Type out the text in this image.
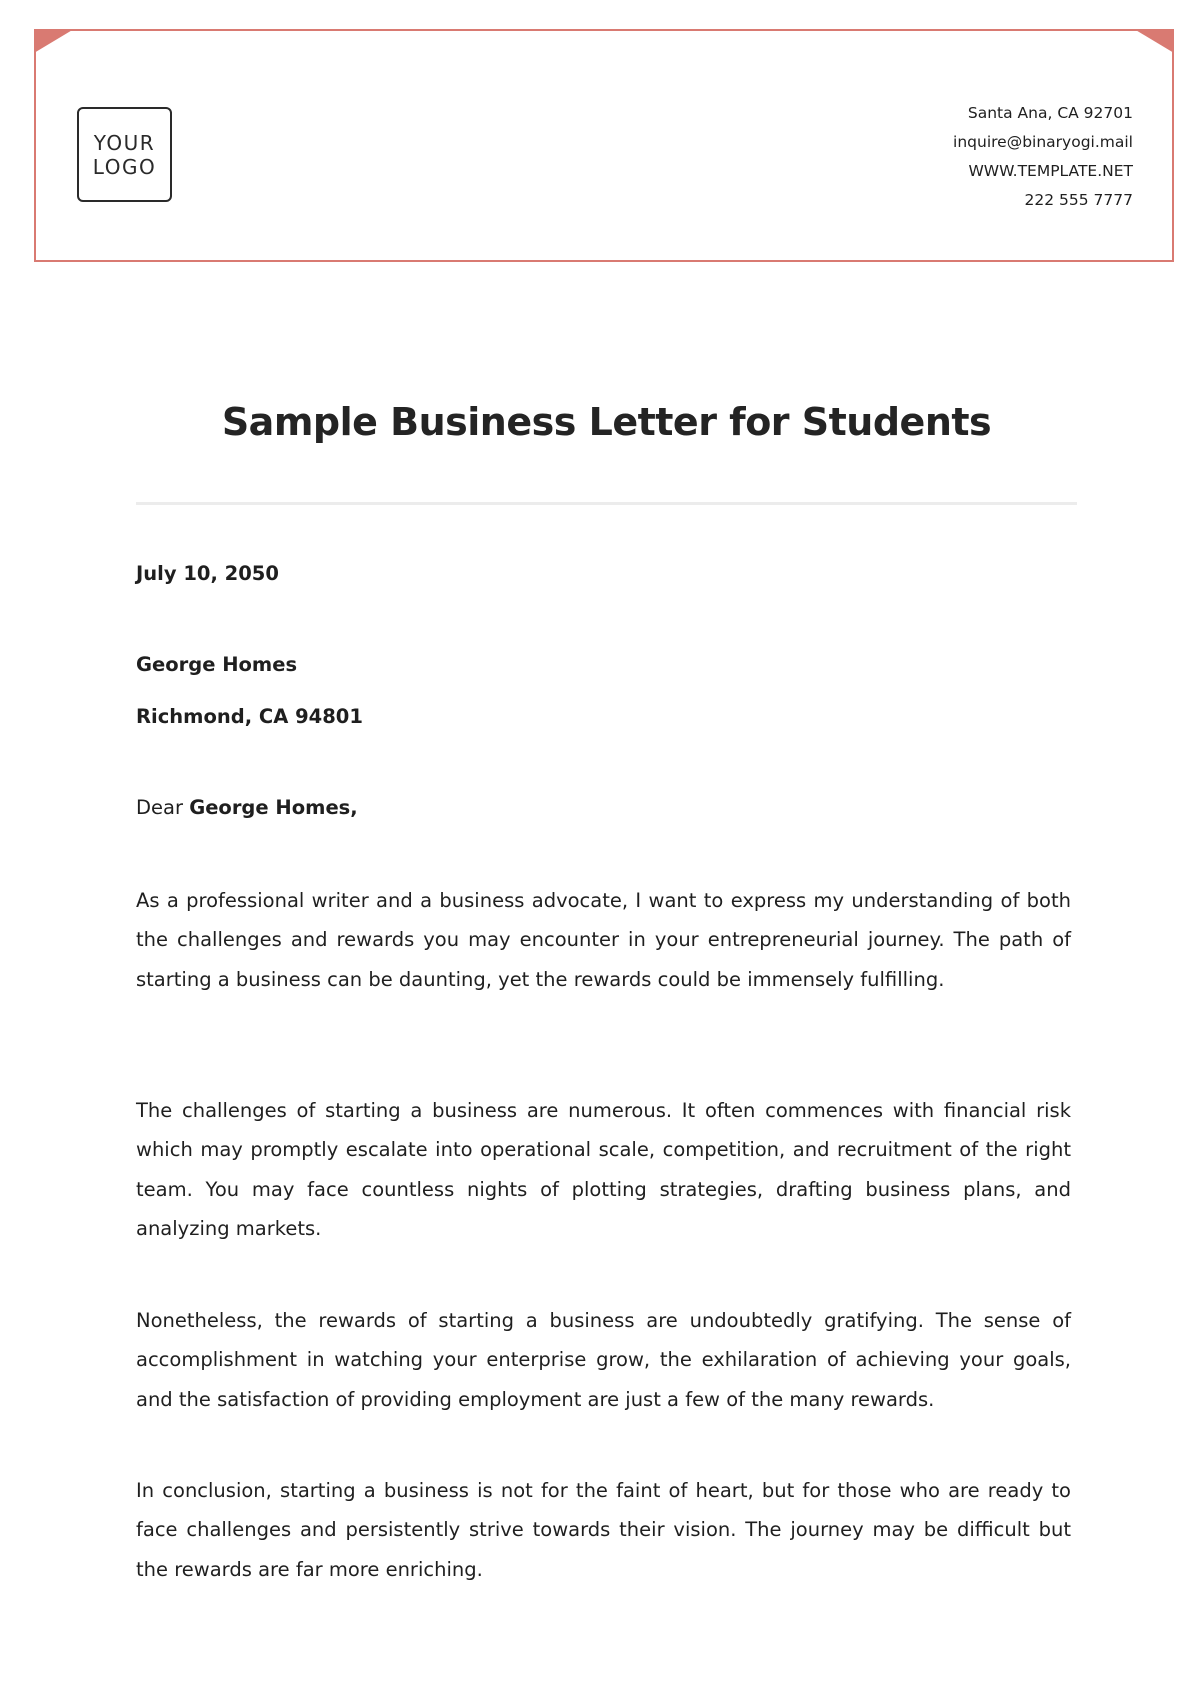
YOUR
LOGO
Santa Ana, CA 92701
inquire@binaryogi.mail
WWW.TEMPLATE.NET
222 555 7777
Sample Business Letter for Students
July 10, 2050
George Homes
Richmond, CA 94801
Dear George Homes,

As a professional writer and a business advocate, I want to express my understanding of both the challenges and rewards you may encounter in your entrepreneurial journey. The path of starting a business can be daunting, yet the rewards could be immensely fulfilling.

The challenges of starting a business are numerous. It often commences with financial risk which may promptly escalate into operational scale, competition, and recruitment of the right team. You may face countless nights of plotting strategies, drafting business plans, and analyzing markets.

Nonetheless, the rewards of starting a business are undoubtedly gratifying. The sense of accomplishment in watching your enterprise grow, the exhilaration of achieving your goals, and the satisfaction of providing employment are just a few of the many rewards.

In conclusion, starting a business is not for the faint of heart, but for those who are ready to face challenges and persistently strive towards their vision. The journey may be difficult but the rewards are far more enriching.
